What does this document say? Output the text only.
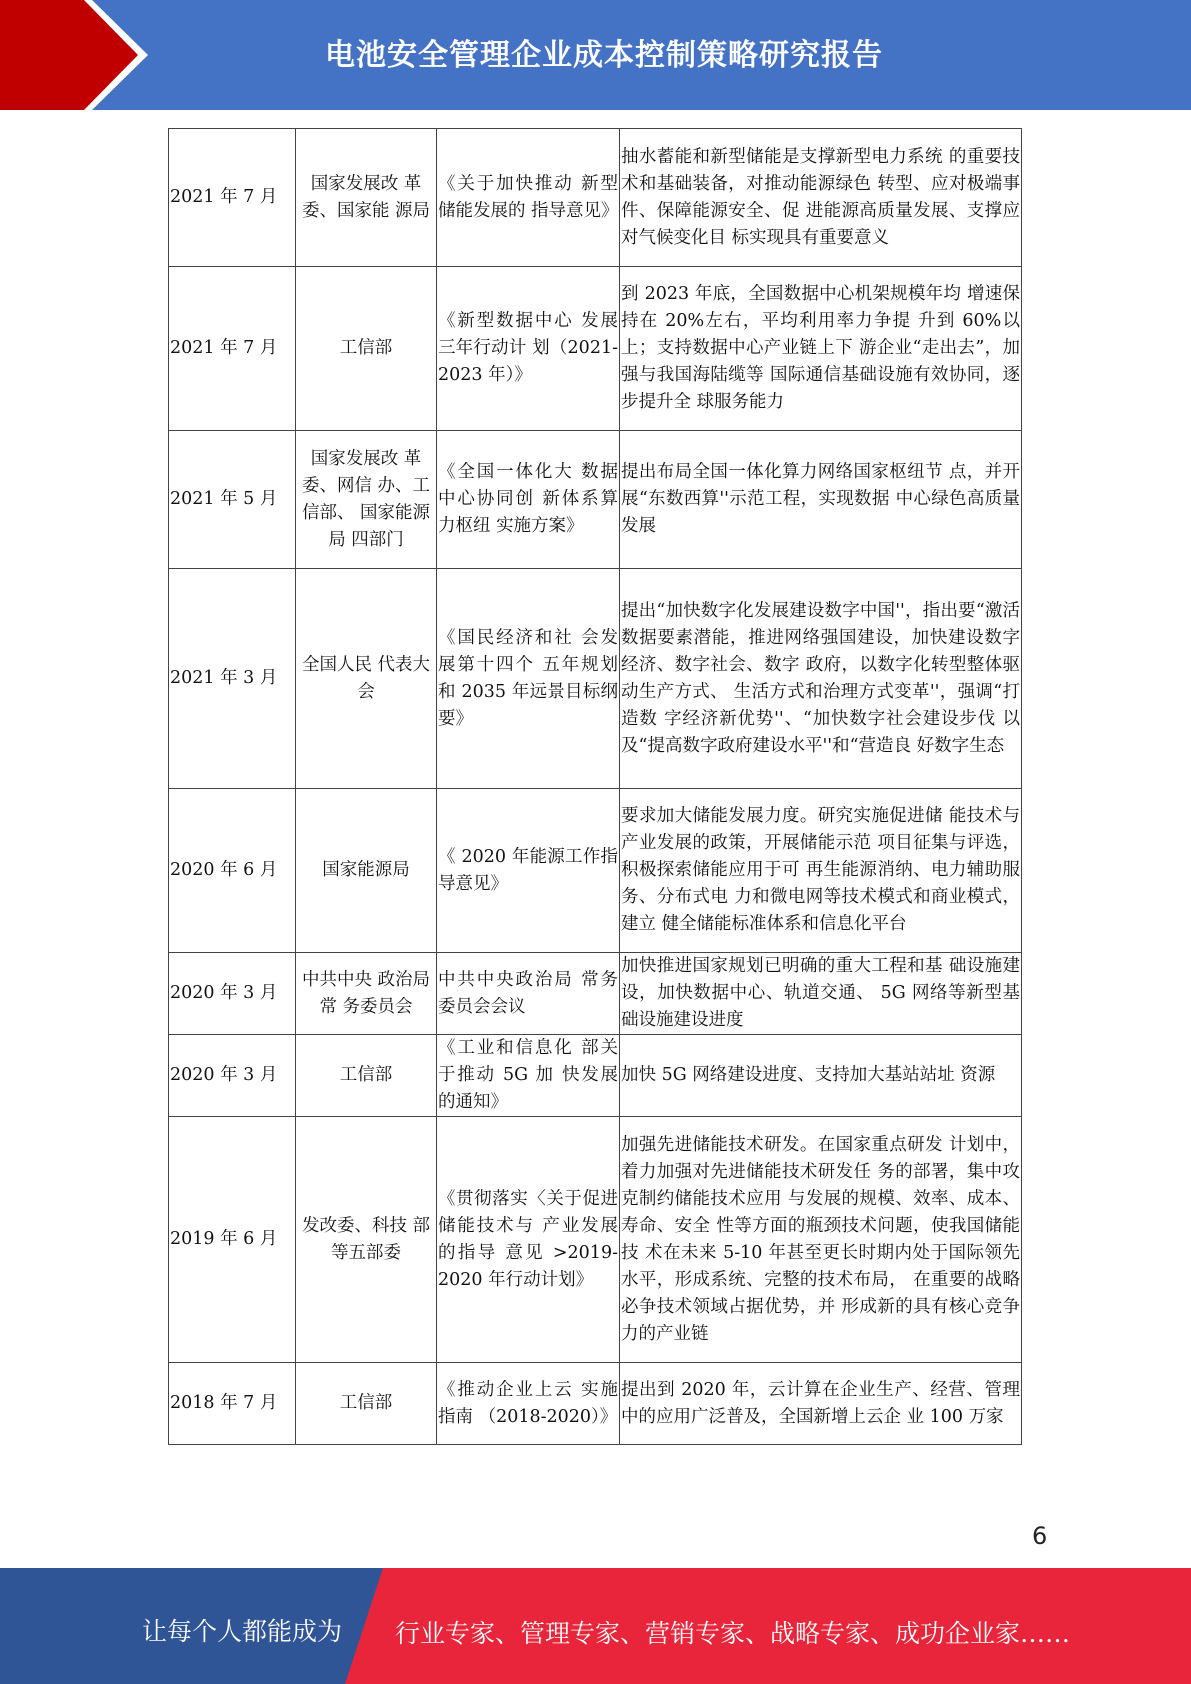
电池安全管理企业成本控制策略研究报告
2021 年 7 月	国家发展改 革委、国家能 源局	《关于加快推动 新型储能发展的 指导意见》	抽水蓄能和新型储能是支撑新型电力系统 的重要技术和基础装备，对推动能源绿色 转型、应对极端事件、保障能源安全、促 进能源高质量发展、支撑应对气候变化目 标实现具有重要意义
2021 年 7 月	工信部	《新型数据中心 发展三年行动计 划（2021-2023 年）》	到 2023 年底，全国数据中心机架规模年均 增速保持在 20%左右，平均利用率力争提 升到 60%以上；支持数据中心产业链上下 游企业“走出去”，加强与我国海陆缆等 国际通信基础设施有效协同，逐步提升全 球服务能力
2021 年 5 月	国家发展改 革委、网信 办、工信部、 国家能源局 四部门	《全国一体化大 数据中心协同创 新体系算力枢纽 实施方案》	提出布局全国一体化算力网络国家枢纽节 点，并开展“东数西算''示范工程，实现数据 中心绿色高质量发展
2021 年 3 月	全国人民 代表大会	《国民经济和社 会发展第十四个 五年规划和 2035 年远景目标纲要》	提出“加快数字化发展建设数字中国''，指出要“激活数据要素潜能，推进网络强国建设，加快建设数字经济、数字社会、数字 政府，以数字化转型整体驱动生产方式、 生活方式和治理方式变革''，强调“打造数 字经济新优势''、“加快数字社会建设步伐 以及“提高数字政府建设水平''和“营造良 好数字生态
2020 年 6 月	国家能源局	《 2020 年能源工作指导意见》	要求加大储能发展力度。研究实施促进储 能技术与产业发展的政策，开展储能示范 项目征集与评选，积极探索储能应用于可 再生能源消纳、电力辅助服务、分布式电 力和微电网等技术模式和商业模式，建立 健全储能标准体系和信息化平台
2020 年 3 月	中共中央 政治局常 务委员会	中共中央政治局 常务委员会会议	加快推进国家规划已明确的重大工程和基 础设施建设，加快数据中心、轨道交通、 5G 网络等新型基础设施建设进度
2020 年 3 月	工信部	《工业和信息化 部关于推动 5G 加 快发展的通知》	加快 5G 网络建设进度、支持加大基站站址 资源
2019 年 6 月	发改委、科技 部等五部委	《贯彻落实〈关于促进储能技术与 产业发展的指导 意见 >2019-2020 年行动计划》	加强先进储能技术研发。在国家重点研发 计划中，着力加强对先进储能技术研发任 务的部署，集中攻克制约储能技术应用 与发展的规模、效率、成本、寿命、安全 性等方面的瓶颈技术问题，使我国储能技 术在未来 5-10 年甚至更长时期内处于国际领先水平，形成系统、完整的技术布局， 在重要的战略必争技术领域占据优势，并 形成新的具有核心竞争力的产业链
2018 年 7 月	工信部	《推动企业上云 实施指南 （2018-2020）》	提出到 2020 年，云计算在企业生产、经营、管理中的应用广泛普及，全国新增上云企 业 100 万家
6
让每个人都能成为 行业专家、管理专家、营销专家、战略专家、成功企业家……
